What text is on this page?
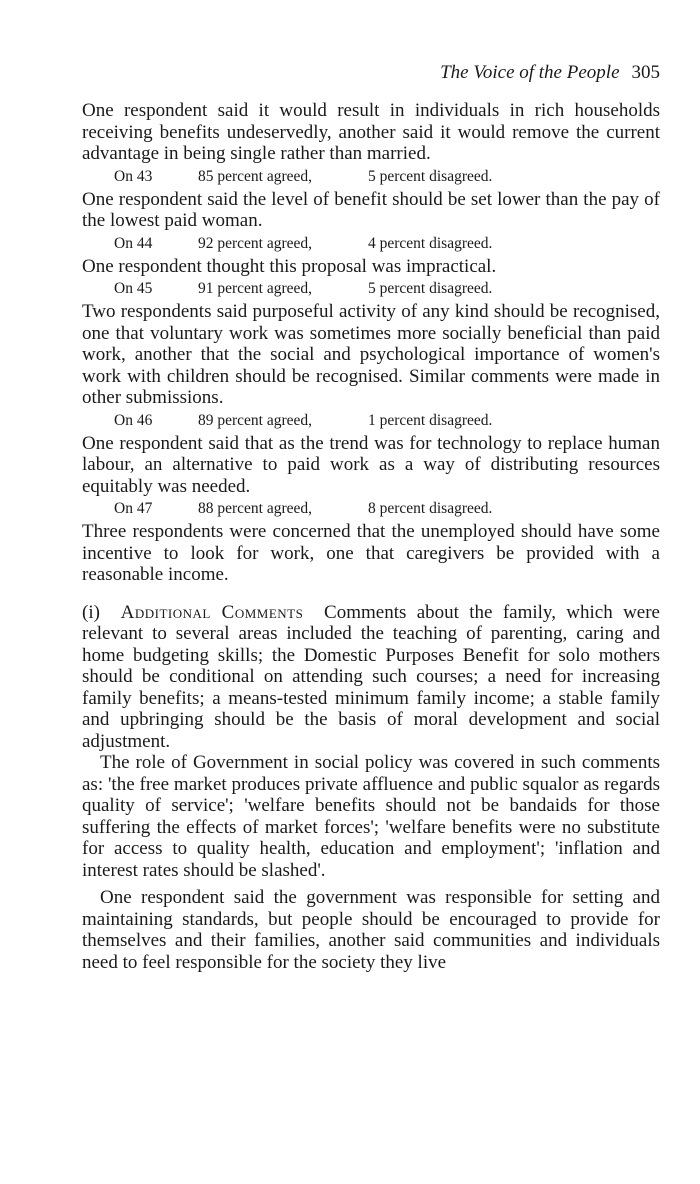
The Voice of the People 305

One respondent said it would result in individuals in rich households receiving benefits undeservedly, another said it would remove the current advantage in being single rather than married.

On 43	85 percent agreed,	5 percent disagreed.

One respondent said the level of benefit should be set lower than the pay of the lowest paid woman.

On 44	92 percent agreed,	4 percent disagreed.

One respondent thought this proposal was impractical.

On 45	91 percent agreed,	5 percent disagreed.

Two respondents said purposeful activity of any kind should be recognised, one that voluntary work was sometimes more socially beneficial than paid work, another that the social and psychological importance of women's work with children should be recognised. Similar comments were made in other submissions.

On 46	89 percent agreed,	1 percent disagreed.

One respondent said that as the trend was for technology to replace human labour, an alternative to paid work as a way of distributing resources equitably was needed.

On 47	88 percent agreed,	8 percent disagreed.

Three respondents were concerned that the unemployed should have some incentive to look for work, one that caregivers be provided with a reasonable income.

(i) Additional Comments Comments about the family, which were relevant to several areas included the teaching of parenting, caring and home budgeting skills; the Domestic Purposes Benefit for solo mothers should be conditional on attending such courses; a need for increasing family benefits; a means-tested minimum family income; a stable family and upbringing should be the basis of moral development and social adjustment.

The role of Government in social policy was covered in such comments as: 'the free market produces private affluence and public squalor as regards quality of service'; 'welfare benefits should not be bandaids for those suffering the effects of market forces'; 'welfare benefits were no substitute for access to quality health, education and employment'; 'inflation and interest rates should be slashed'.

One respondent said the government was responsible for setting and maintaining standards, but people should be encouraged to provide for themselves and their families, another said communities and individuals need to feel responsible for the society they live
